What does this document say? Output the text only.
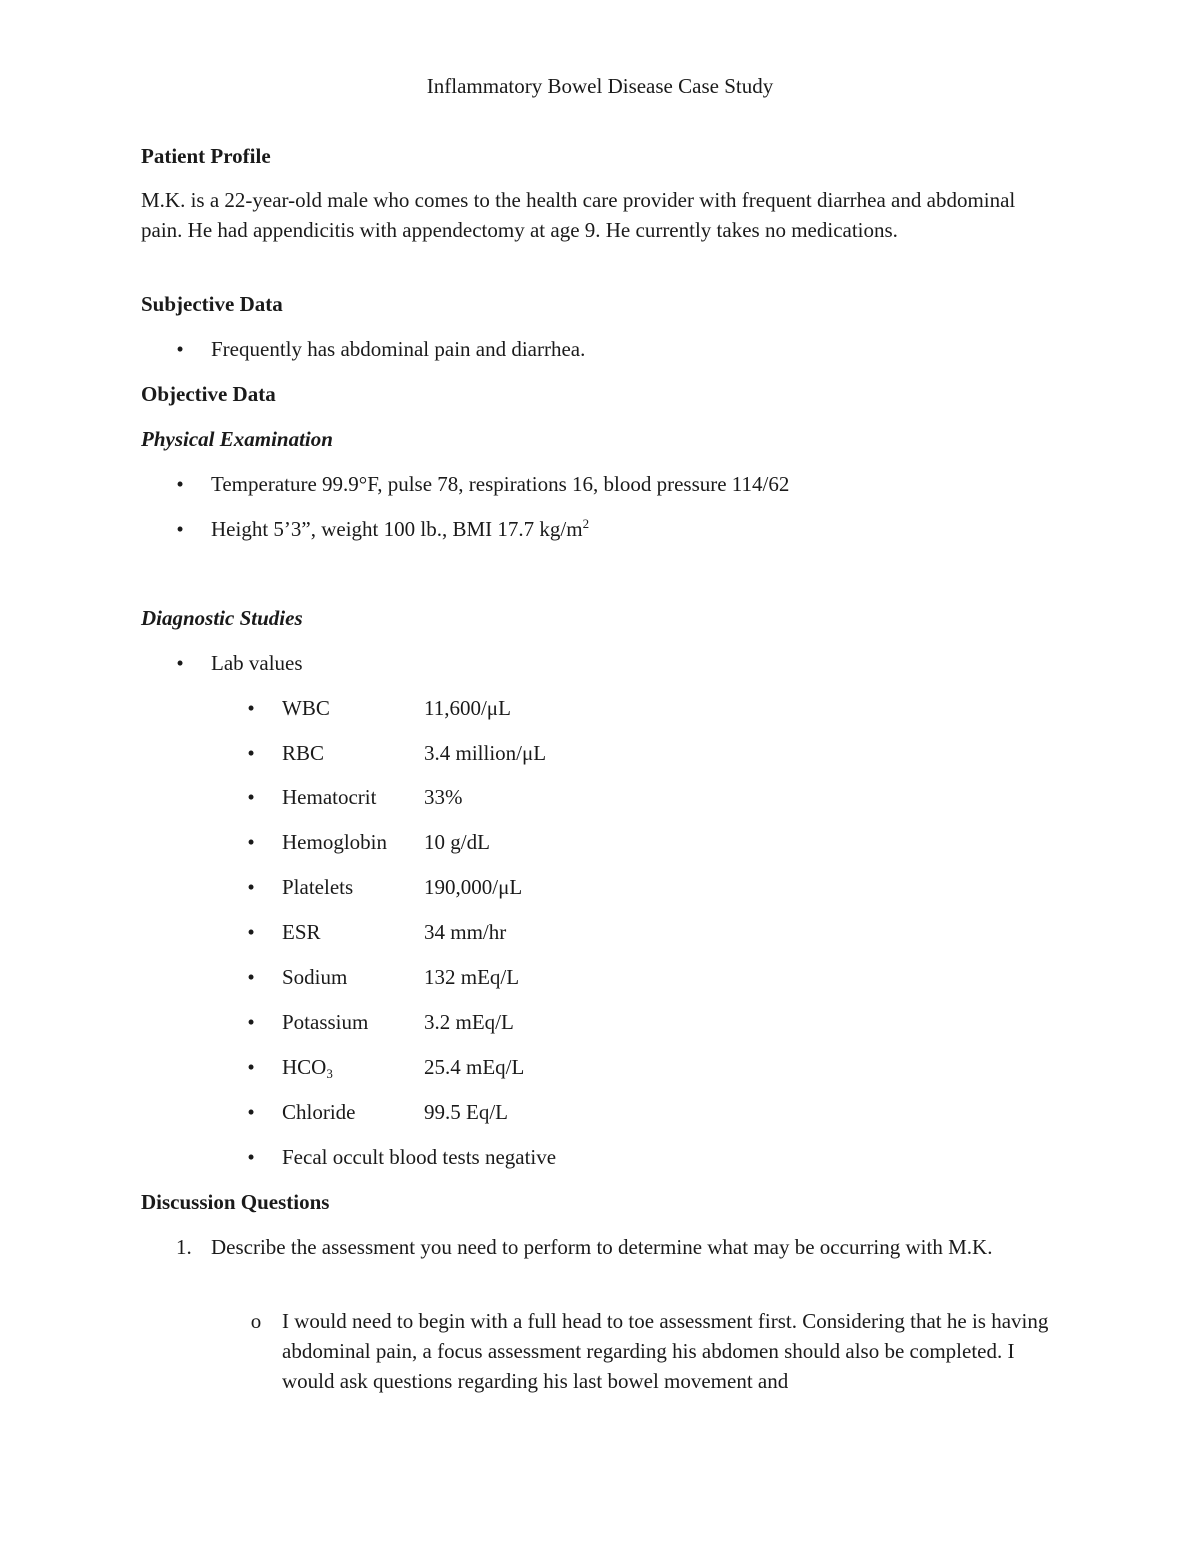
Inflammatory Bowel Disease Case Study
Patient Profile
M.K. is a 22-year-old male who comes to the health care provider with frequent diarrhea and abdominal pain. He had appendicitis with appendectomy at age 9. He currently takes no medications.
Subjective Data
•	Frequently has abdominal pain and diarrhea.
Objective Data
Physical Examination
•	Temperature 99.9°F, pulse 78, respirations 16, blood pressure 114/62
•	Height 5’3”, weight 100 lb., BMI 17.7 $kg/m^2$
Diagnostic Studies
•	Lab values
•	WBC	11,600/μL
•	RBC	3.4 million/μL
•	Hematocrit 33%
•	Hemoglobin 10 g/dL
•	Platelets	190,000/μL
•	ESR	34 mm/hr
•	Sodium	132 mEq/L
•	Potassium	3.2 mEq/L
•	$HCO_3$	25.4 mEq/L
•	Chloride	99.5 Eq/L
•	Fecal occult blood tests negative
Discussion Questions
1. Describe the assessment you need to perform to determine what may be occurring with M.K.
o I would need to begin with a full head to toe assessment first. Considering that he is having abdominal pain, a focus assessment regarding his abdomen should also be completed. I would ask questions regarding his last bowel movement and
